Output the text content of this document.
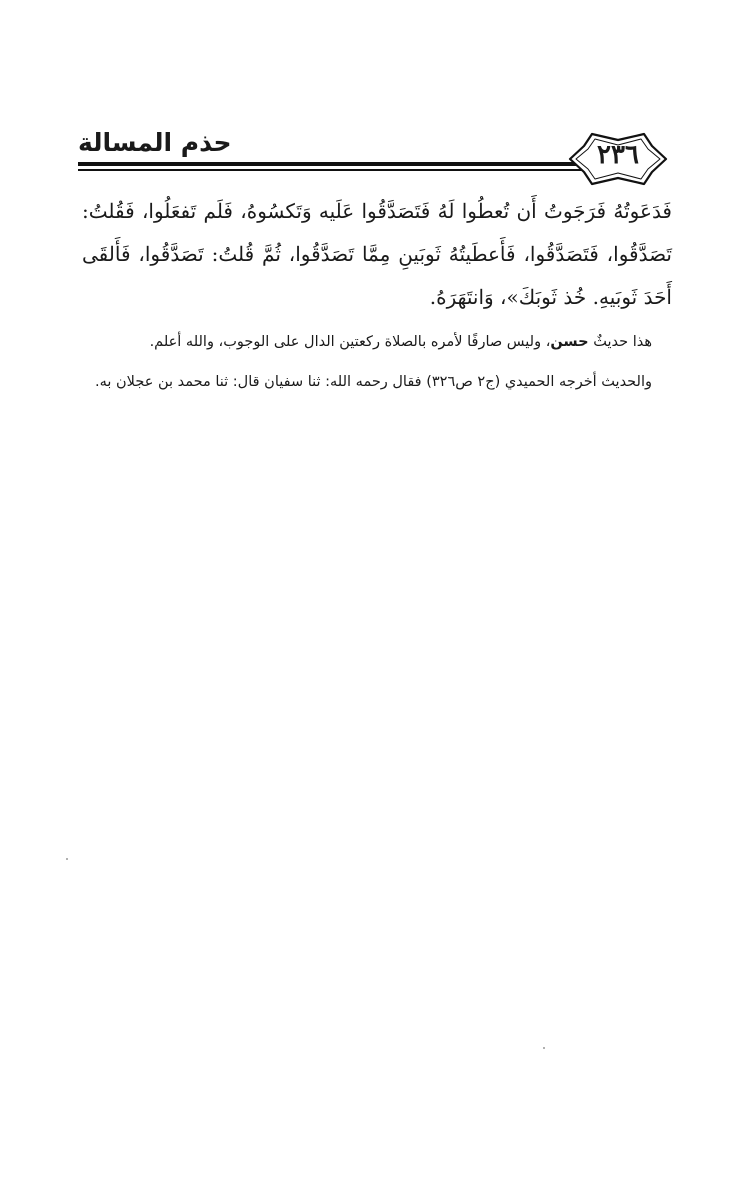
حذم المسالة	٢٣٦

فَدَعَوتُهُ فَرَجَوتُ أَن تُعطُوا لَهُ فَتَصَدَّقُوا عَلَيه وَتَكسُوهُ، فَلَم تَفعَلُوا، فَقُلتُ: تَصَدَّقُوا، فَتَصَدَّقُوا، فَأَعطَيتُهُ ثَوبَينِ مِمَّا تَصَدَّقُوا، ثُمَّ قُلتُ: تَصَدَّقُوا، فَأَلقَى أَحَدَ ثَوبَيهِ. خُذ ثَوبَكَ»، وَانتَهَرَهُ.

هذا حديثٌ حسن، وليس صارفًا لأمره بالصلاة ركعتين الدال على الوجوب، والله أعلم.

والحديث أخرجه الحميدي (ج٢ ص٣٢٦) فقال رحمه الله: ثنا سفيان قال: ثنا محمد بن عجلان به.
